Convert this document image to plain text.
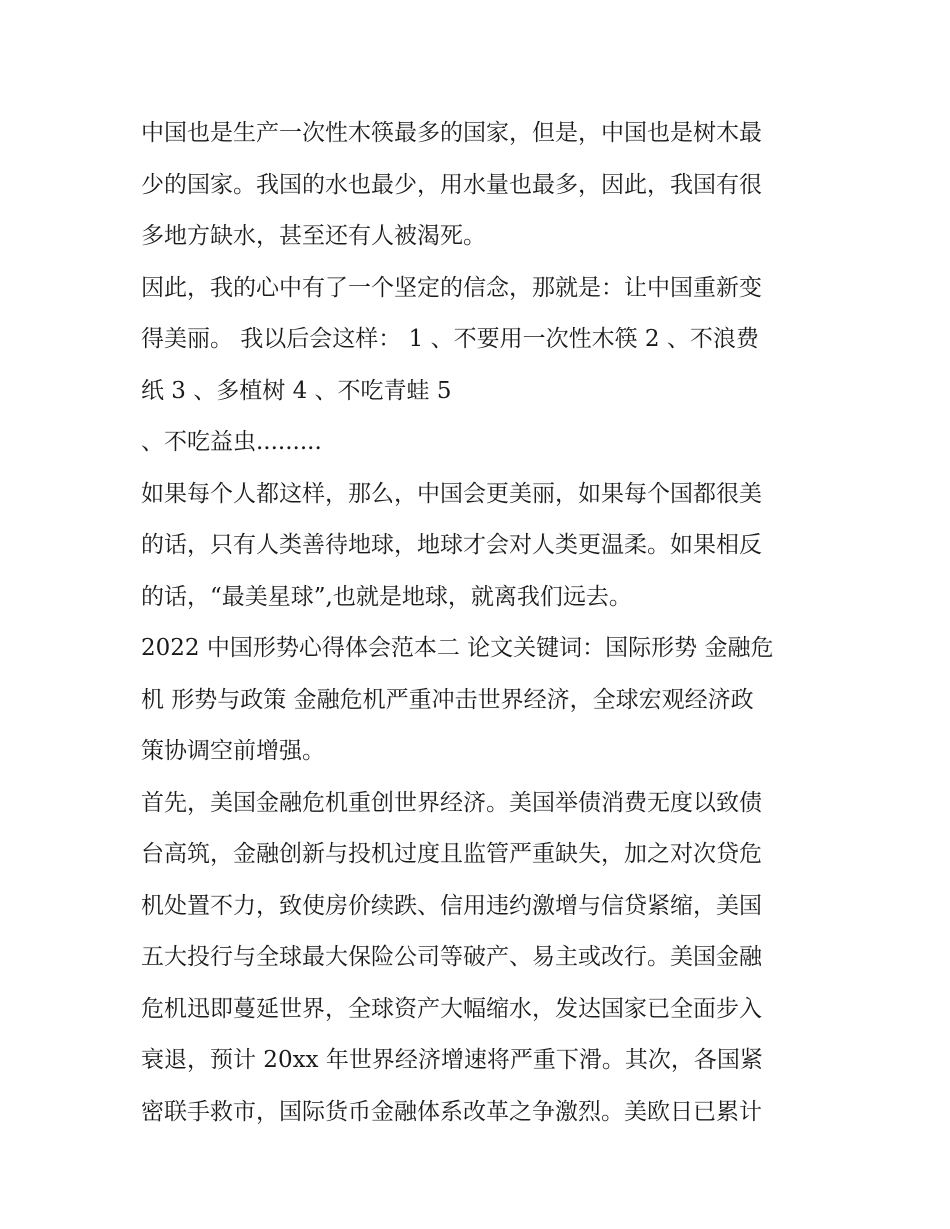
中国也是生产一次性木筷最多的国家，但是，中国也是树木最
少的国家。我国的水也最少，用水量也最多，因此，我国有很
多地方缺水，甚至还有人被渴死。
因此，我的心中有了一个坚定的信念，那就是：让中国重新变
得美丽。 我以后会这样： 1 、不要用一次性木筷 2 、不浪费
纸 3 、多植树 4 、不吃青蛙 5
、不吃益虫.........
如果每个人都这样，那么，中国会更美丽，如果每个国都很美
的话，只有人类善待地球，地球才会对人类更温柔。如果相反
的话，“最美星球”,也就是地球，就离我们远去。
2022 中国形势心得体会范本二 论文关键词：国际形势 金融危
机 形势与政策 金融危机严重冲击世界经济，全球宏观经济政
策协调空前增强。
首先，美国金融危机重创世界经济。美国举债消费无度以致债
台高筑，金融创新与投机过度且监管严重缺失，加之对次贷危
机处置不力，致使房价续跌、信用违约激增与信贷紧缩，美国
五大投行与全球最大保险公司等破产、易主或改行。美国金融
危机迅即蔓延世界，全球资产大幅缩水，发达国家已全面步入
衰退，预计 20xx 年世界经济增速将严重下滑。其次，各国紧
密联手救市，国际货币金融体系改革之争激烈。美欧日已累计
